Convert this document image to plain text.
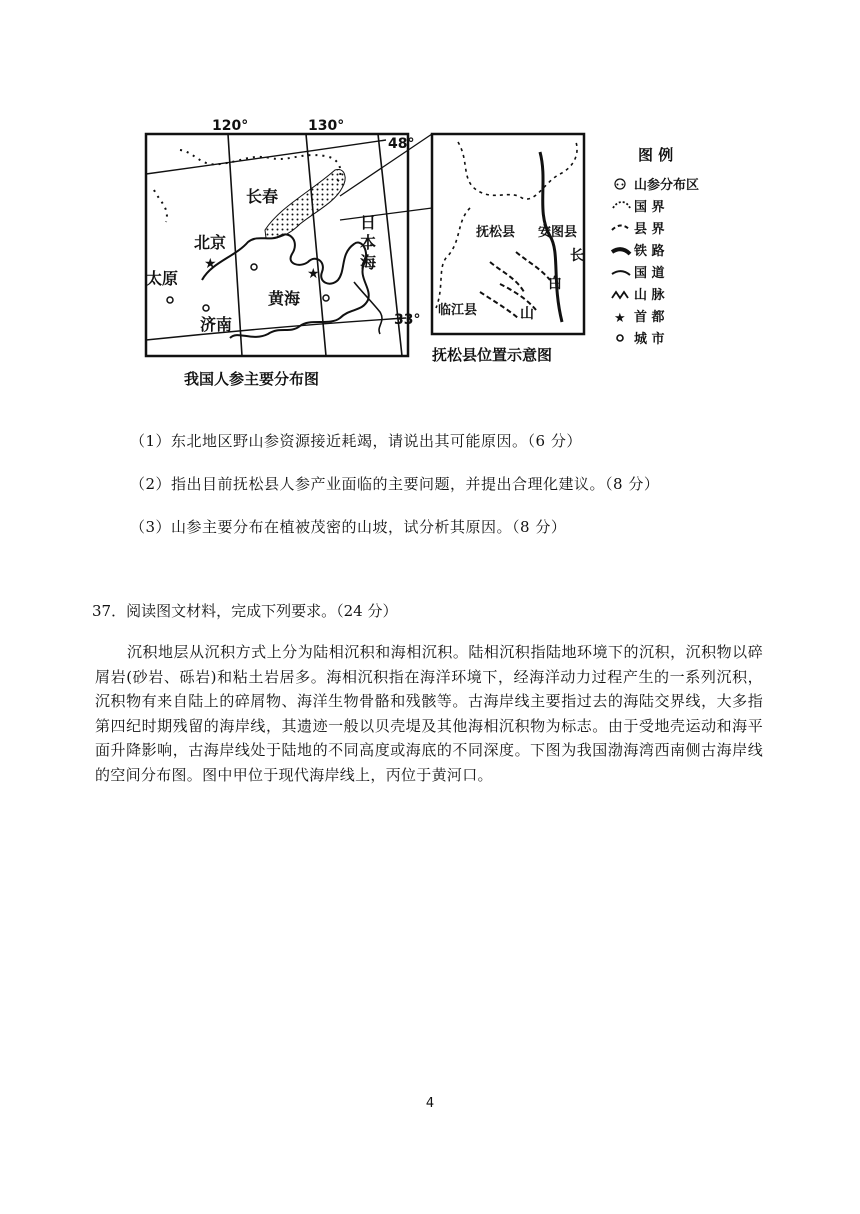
★
★
120°	130°
48°
33°
长春
北京
太原
济南
黄海
日本海
我国人参主要分布图
抚松县 安图县
临江县
长白山
抚松县位置示意图
图 例
山参分布区
国 界
县 界
铁 路
国 道
山 脉
★ 首 都
城 市
（1）东北地区野山参资源接近耗竭，请说出其可能原因。（6 分）
（2）指出目前抚松县人参产业面临的主要问题，并提出合理化建议。（8 分）
（3）山参主要分布在植被茂密的山坡，试分析其原因。（8 分）
37．阅读图文材料，完成下列要求。（24 分）
沉积地层从沉积方式上分为陆相沉积和海相沉积。陆相沉积指陆地环境下的沉积，沉积物以碎屑岩(砂岩、砾岩)和粘土岩居多。海相沉积指在海洋环境下，经海洋动力过程产生的一系列沉积，沉积物有来自陆上的碎屑物、海洋生物骨骼和残骸等。古海岸线主要指过去的海陆交界线，大多指第四纪时期残留的海岸线，其遗迹一般以贝壳堤及其他海相沉积物为标志。由于受地壳运动和海平面升降影响，古海岸线处于陆地的不同高度或海底的不同深度。下图为我国渤海湾西南侧古海岸线的空间分布图。图中甲位于现代海岸线上，丙位于黄河口。
4
